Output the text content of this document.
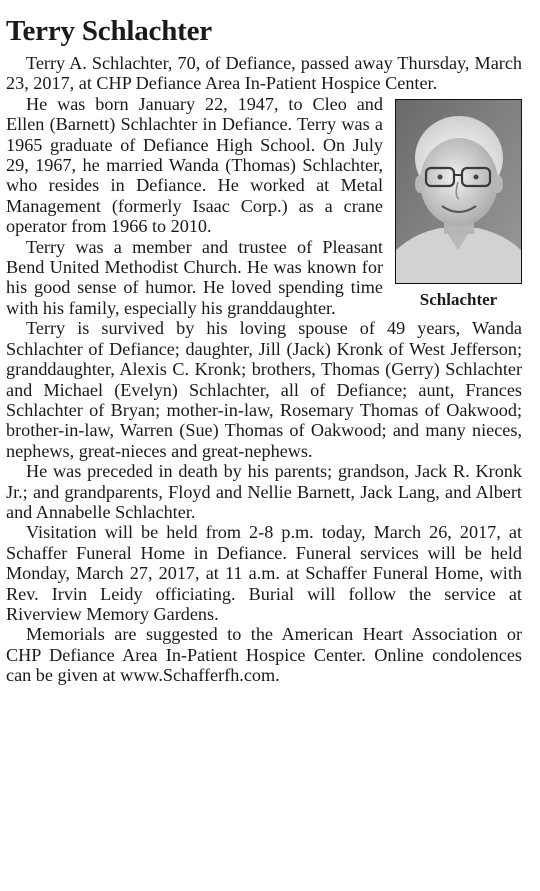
Terry Schlachter

Terry A. Schlachter, 70, of Defiance, passed away Thursday, March 23, 2017, at CHP Defiance Area In-Patient Hospice Center.

Schlachter

He was born January 22, 1947, to Cleo and Ellen (Barnett) Schlachter in Defiance. Terry was a 1965 graduate of Defiance High School. On July 29, 1967, he married Wanda (Thomas) Schlachter, who resides in Defiance. He worked at Metal Management (formerly Isaac Corp.) as a crane operator from 1966 to 2010.

Terry was a member and trustee of Pleasant Bend United Methodist Church. He was known for his good sense of humor. He loved spending time with his family, especially his granddaughter.

Terry is survived by his loving spouse of 49 years, Wanda Schlachter of Defiance; daughter, Jill (Jack) Kronk of West Jefferson; granddaughter, Alexis C. Kronk; brothers, Thomas (Gerry) Schlachter and Michael (Evelyn) Schlachter, all of Defiance; aunt, Frances Schlachter of Bryan; mother-in-law, Rosemary Thomas of Oakwood; brother-in-law, Warren (Sue) Thomas of Oakwood; and many nieces, nephews, great-nieces and great-nephews.

He was preceded in death by his parents; grandson, Jack R. Kronk Jr.; and grandparents, Floyd and Nellie Barnett, Jack Lang, and Albert and Annabelle Schlachter.

Visitation will be held from 2-8 p.m. today, March 26, 2017, at Schaffer Funeral Home in Defiance. Funeral services will be held Monday, March 27, 2017, at 11 a.m. at Schaffer Funeral Home, with Rev. Irvin Leidy officiating. Burial will follow the service at Riverview Memory Gardens.

Memorials are suggested to the American Heart Association or CHP Defiance Area In-Patient Hospice Center. Online condolences can be given at www.Schafferfh.com.
